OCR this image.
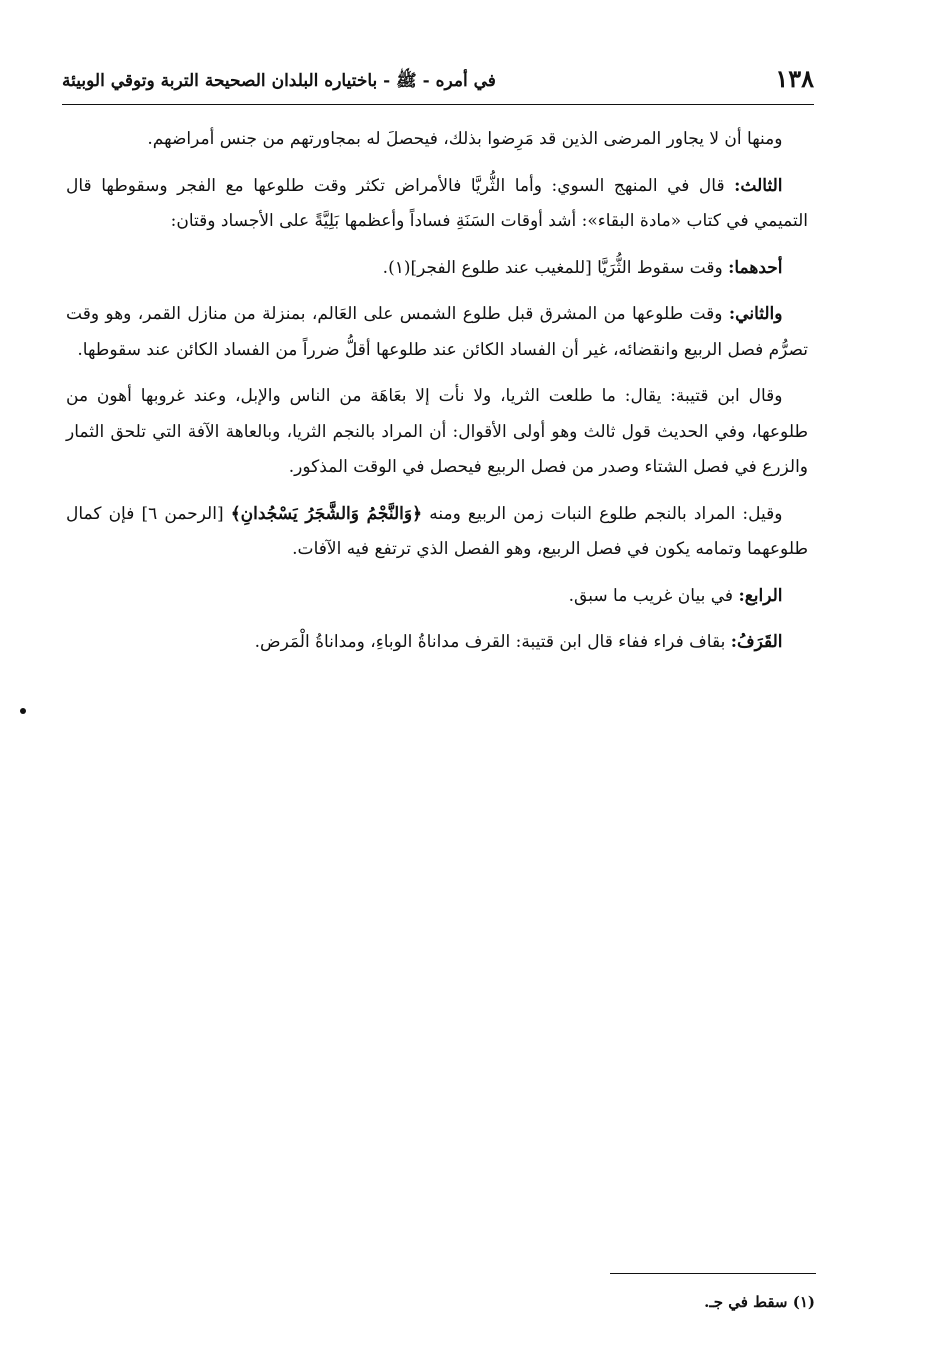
١٣٨
في أمره - ﷺ - باختياره البلدان الصحيحة التربة وتوقي الوبيئة

ومنها أن لا يجاور المرضى الذين قد مَرِضوا بذلك، فيحصلَ له بمجاورتهم من جنس أمراضهم.

الثالث: قال في المنهج السوي: وأما الثُّريَّا فالأمراض تكثر وقت طلوعها مع الفجر وسقوطها قال التميمي في كتاب «مادة البقاء»: أشد أوقات السَنَةِ فساداً وأعظمها بَلِيَّةً على الأجساد وقتان:

أحدهما: وقت سقوط الثُّرَيَّا [للمغيب عند طلوع الفجر](١).

والثاني: وقت طلوعها من المشرق قبل طلوع الشمس على العَالم، بمنزلة من منازل القمر، وهو وقت تصرُّم فصل الربيع وانقضائه، غير أن الفساد الكائن عند طلوعها أقلُّ ضرراً من الفساد الكائن عند سقوطها.

وقال ابن قتيبة: يقال: ما طلعت الثريا، ولا نأت إلا بعَاهَة من الناس والإبل، وعند غروبها أهون من طلوعها، وفي الحديث قول ثالث وهو أولى الأقوال: أن المراد بالنجم الثريا، وبالعاهة الآفة التي تلحق الثمار والزرع في فصل الشتاء وصدر من فصل الربيع فيحصل في الوقت المذكور.

وقيل: المراد بالنجم طلوع النبات زمن الربيع ومنه ﴿وَالنَّجْمُ وَالشَّجَرُ يَسْجُدانِ﴾ [الرحمن ٦] فإن كمال طلوعهما وتمامه يكون في فصل الربيع، وهو الفصل الذي ترتفع فيه الآفات.

الرابع: في بيان غريب ما سبق.

القَرَفُ: بقاف فراء ففاء قال ابن قتيبة: القرف مداناةُ الوباءِ، ومداناةُ الْمَرض.

(١) سقط في جـ.
